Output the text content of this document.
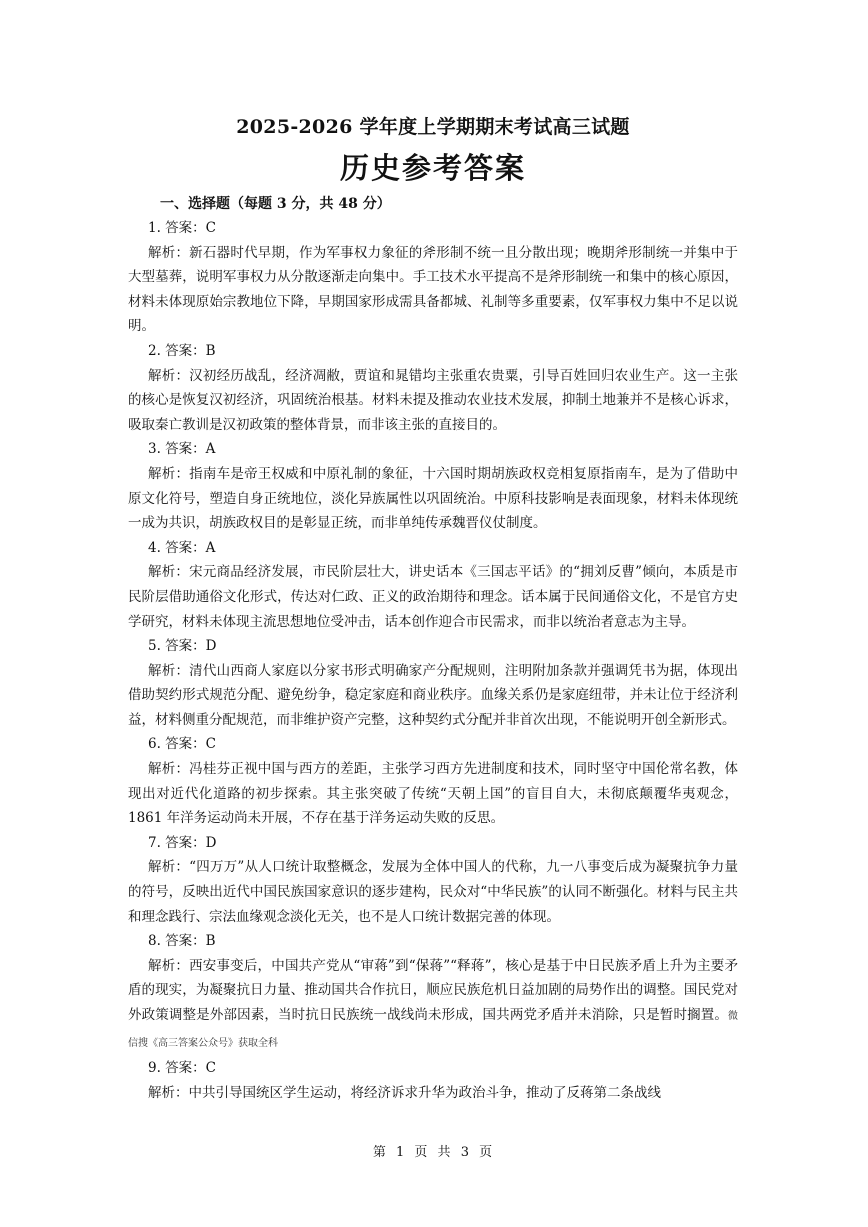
2025-2026 学年度上学期期末考试高三试题
历史参考答案

一、选择题（每题 3 分，共 48 分）

1. 答案：C

解析：新石器时代早期，作为军事权力象征的斧形制不统一且分散出现；晚期斧形制统一并集中于大型墓葬，说明军事权力从分散逐渐走向集中。手工技术水平提高不是斧形制统一和集中的核心原因，材料未体现原始宗教地位下降，早期国家形成需具备都城、礼制等多重要素，仅军事权力集中不足以说明。

2. 答案：B

解析：汉初经历战乱，经济凋敝，贾谊和晁错均主张重农贵粟，引导百姓回归农业生产。这一主张的核心是恢复汉初经济，巩固统治根基。材料未提及推动农业技术发展，抑制土地兼并不是核心诉求，吸取秦亡教训是汉初政策的整体背景，而非该主张的直接目的。

3. 答案：A

解析：指南车是帝王权威和中原礼制的象征，十六国时期胡族政权竞相复原指南车，是为了借助中原文化符号，塑造自身正统地位，淡化异族属性以巩固统治。中原科技影响是表面现象，材料未体现统一成为共识，胡族政权目的是彰显正统，而非单纯传承魏晋仪仗制度。

4. 答案：A

解析：宋元商品经济发展，市民阶层壮大，讲史话本《三国志平话》的“拥刘反曹”倾向，本质是市民阶层借助通俗文化形式，传达对仁政、正义的政治期待和理念。话本属于民间通俗文化，不是官方史学研究，材料未体现主流思想地位受冲击，话本创作迎合市民需求，而非以统治者意志为主导。

5. 答案：D

解析：清代山西商人家庭以分家书形式明确家产分配规则，注明附加条款并强调凭书为据，体现出借助契约形式规范分配、避免纷争，稳定家庭和商业秩序。血缘关系仍是家庭纽带，并未让位于经济利益，材料侧重分配规范，而非维护资产完整，这种契约式分配并非首次出现，不能说明开创全新形式。

6. 答案：C

解析：冯桂芬正视中国与西方的差距，主张学习西方先进制度和技术，同时坚守中国伦常名教，体现出对近代化道路的初步探索。其主张突破了传统“天朝上国”的盲目自大，未彻底颠覆华夷观念，1861 年洋务运动尚未开展，不存在基于洋务运动失败的反思。

7. 答案：D

解析：“四万万”从人口统计取整概念，发展为全体中国人的代称，九一八事变后成为凝聚抗争力量的符号，反映出近代中国民族国家意识的逐步建构，民众对“中华民族”的认同不断强化。材料与民主共和理念践行、宗法血缘观念淡化无关，也不是人口统计数据完善的体现。

8. 答案：B

解析：西安事变后，中国共产党从“审蒋”到“保蒋”“释蒋”，核心是基于中日民族矛盾上升为主要矛盾的现实，为凝聚抗日力量、推动国共合作抗日，顺应民族危机日益加剧的局势作出的调整。国民党对外政策调整是外部因素，当时抗日民族统一战线尚未形成，国共两党矛盾并未消除，只是暂时搁置。微信搜《高三答案公众号》获取全科

9. 答案：C

解析：中共引导国统区学生运动，将经济诉求升华为政治斗争，推动了反蒋第二条战线

第 1 页 共 3 页
